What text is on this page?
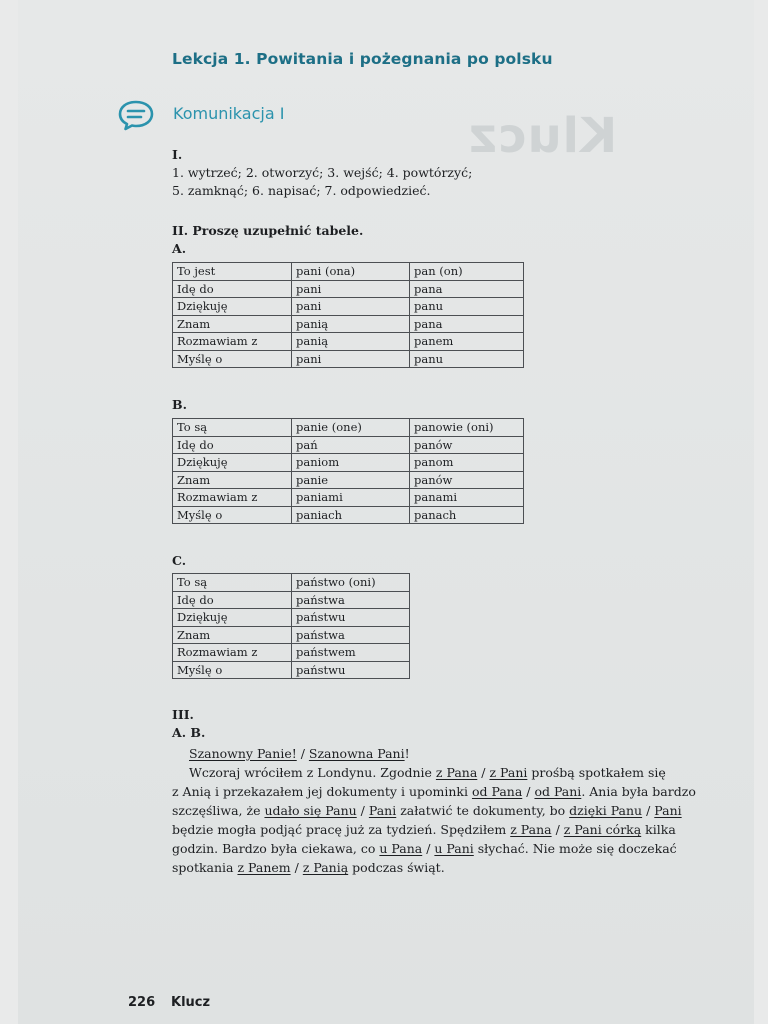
Lekcja 1. Powitania i pożegnania po polsku
Komunikacja I	Klucz
I.
1. wytrzeć; 2. otworzyć; 3. wejść; 4. powtórzyć;
5. zamknąć; 6. napisać; 7. odpowiedzieć.
II. Proszę uzupełnić tabele.
A.
To jest	pani (ona)	pan (on)
Idę do	pani	pana
Dziękuję	pani	panu
Znam	panią	pana
Rozmawiam z	panią	panem
Myślę o	pani	panu
B.
To są	panie (one)	panowie (oni)
Idę do	pań	panów
Dziękuję	paniom	panom
Znam	panie	panów
Rozmawiam z	paniami	panami
Myślę o	paniach	panach
C.
To są	państwo (oni)
Idę do	państwa
Dziękuję	państwu
Znam	państwa
Rozmawiam z	państwem
Myślę o	państwu
III.
A. B.
Szanowny Panie! / Szanowna Pani!
Wczoraj wróciłem z Londynu. Zgodnie z Pana / z Pani prośbą spotkałem się
z Anią i przekazałem jej dokumenty i upominki od Pana / od Pani. Ania była bardzo
szczęśliwa, że udało się Panu / Pani załatwić te dokumenty, bo dzięki Panu / Pani
będzie mogła podjąć pracę już za tydzień. Spędziłem z Pana / z Pani córką kilka
godzin. Bardzo była ciekawa, co u Pana / u Pani słychać. Nie może się doczekać
spotkania z Panem / z Panią podczas świąt.
226 Klucz
